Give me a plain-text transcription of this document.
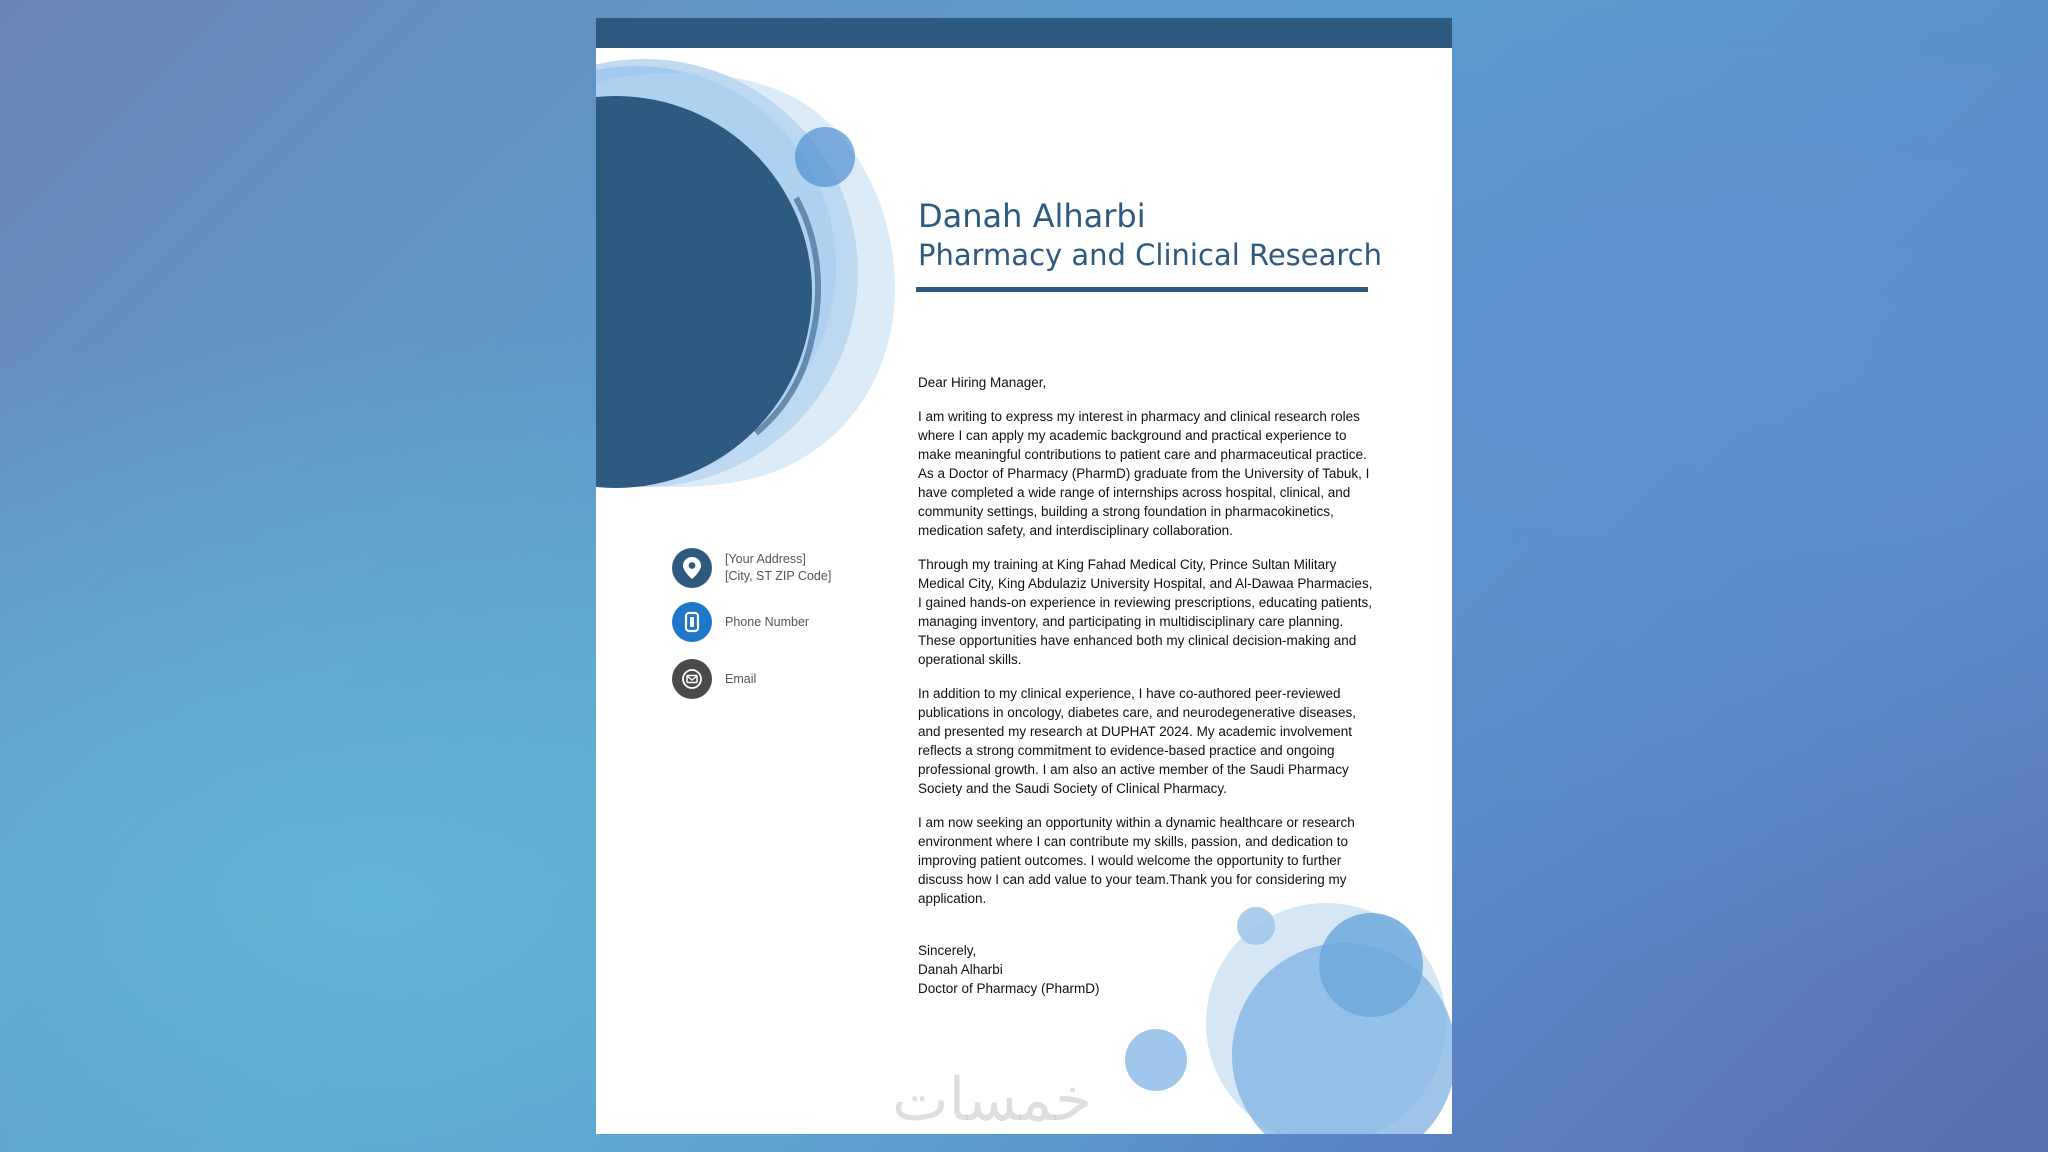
Danah Alharbi
Pharmacy and Clinical Research
[Your Address]
[City, ST ZIP Code]
Phone Number
Email

Dear Hiring Manager,

I am writing to express my interest in pharmacy and clinical research roles where I can apply my academic background and practical experience to make meaningful contributions to patient care and pharmaceutical practice. As a Doctor of Pharmacy (PharmD) graduate from the University of Tabuk, I have completed a wide range of internships across hospital, clinical, and community settings, building a strong foundation in pharmacokinetics, medication safety, and interdisciplinary collaboration.

Through my training at King Fahad Medical City, Prince Sultan Military Medical City, King Abdulaziz University Hospital, and Al-Dawaa Pharmacies, I gained hands-on experience in reviewing prescriptions, educating patients, managing inventory, and participating in multidisciplinary care planning. These opportunities have enhanced both my clinical decision-making and operational skills.

In addition to my clinical experience, I have co-authored peer-reviewed publications in oncology, diabetes care, and neurodegenerative diseases, and presented my research at DUPHAT 2024. My academic involvement reflects a strong commitment to evidence-based practice and ongoing professional growth. I am also an active member of the Saudi Pharmacy Society and the Saudi Society of Clinical Pharmacy.

I am now seeking an opportunity within a dynamic healthcare or research environment where I can contribute my skills, passion, and dedication to improving patient outcomes. I would welcome the opportunity to further discuss how I can add value to your team.Thank you for considering my application.

Sincerely,
Danah Alharbi
Doctor of Pharmacy (PharmD)
خمسات
